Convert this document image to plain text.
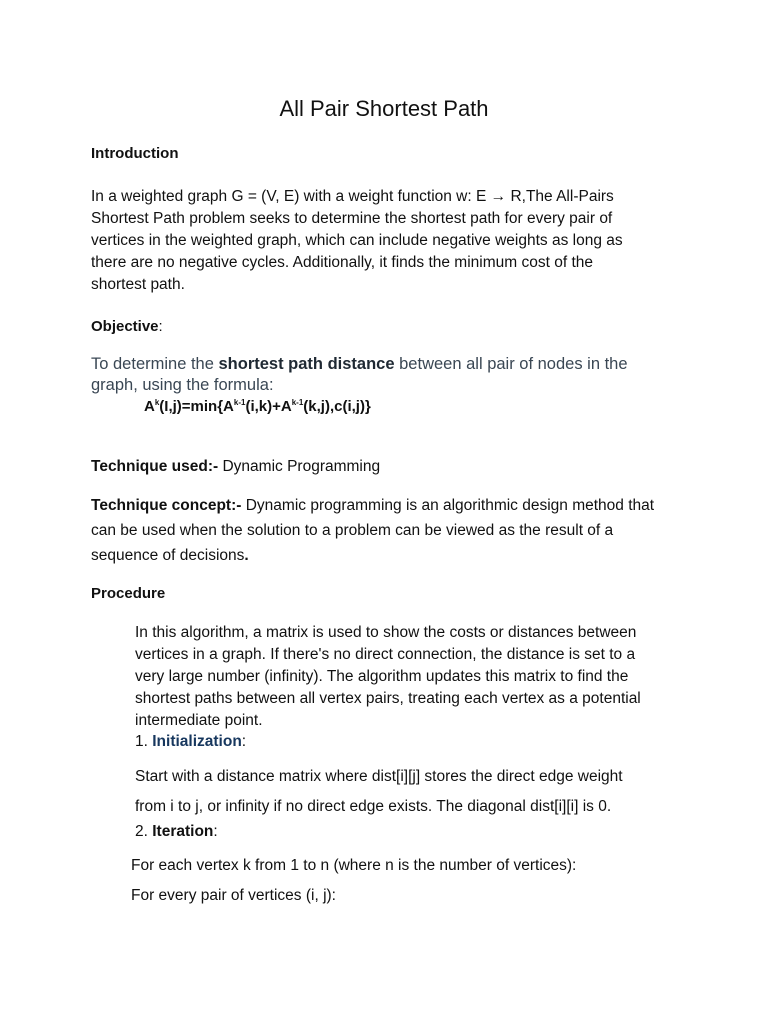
All Pair Shortest Path
Introduction
In a weighted graph G = (V, E) with a weight function w: E → R,The All-Pairs
Shortest Path problem seeks to determine the shortest path for every pair of
vertices in the weighted graph, which can include negative weights as long as
there are no negative cycles. Additionally, it finds the minimum cost of the
shortest path.
Objective:
To determine the shortest path distance between all pair of nodes in the
graph, using the formula:
$A^k(I,j)=\min\{A^{k-1}(i,k)+A^{k-1}(k,j),c(i,j)\}$
Technique used:- Dynamic Programming
Technique concept:- Dynamic programming is an algorithmic design method that
can be used when the solution to a problem can be viewed as the result of a
sequence of decisions.
Procedure
In this algorithm, a matrix is used to show the costs or distances between
vertices in a graph. If there's no direct connection, the distance is set to a
very large number (infinity). The algorithm updates this matrix to find the
shortest paths between all vertex pairs, treating each vertex as a potential
intermediate point.
1. Initialization:
Start with a distance matrix where dist[i][j] stores the direct edge weight
from i to j, or infinity if no direct edge exists. The diagonal dist[i][i] is 0.
2. Iteration:
For each vertex k from 1 to n (where n is the number of vertices):
For every pair of vertices (i, j):
